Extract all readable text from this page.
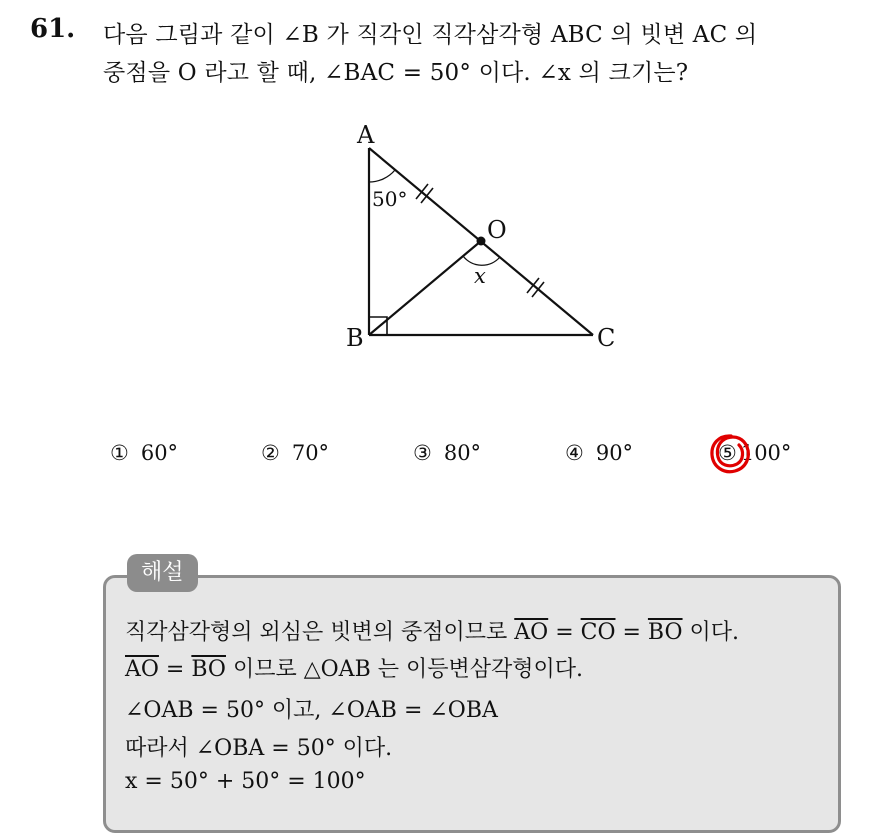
61. 다음 그림과 같이 ∠B 가 직각인 직각삼각형 ABC 의 빗변 AC 의
중점을 O 라고 할 때, ∠BAC = 50° 이다. ∠x 의 크기는?
A
B	C
O
50°
x
① 60°	② 70°	③ 80°	④ 90°	⑤ 100°
해설
직각삼각형의 외심은 빗변의 중점이므로 $\overline{AO} = \overline{CO} = \overline{BO}$ 이다.
$\overline{AO} = \overline{BO}$ 이므로 △OAB 는 이등변삼각형이다.
∠OAB = 50° 이고, ∠OAB = ∠OBA
따라서 ∠OBA = 50° 이다.
x = 50° + 50° = 100°
